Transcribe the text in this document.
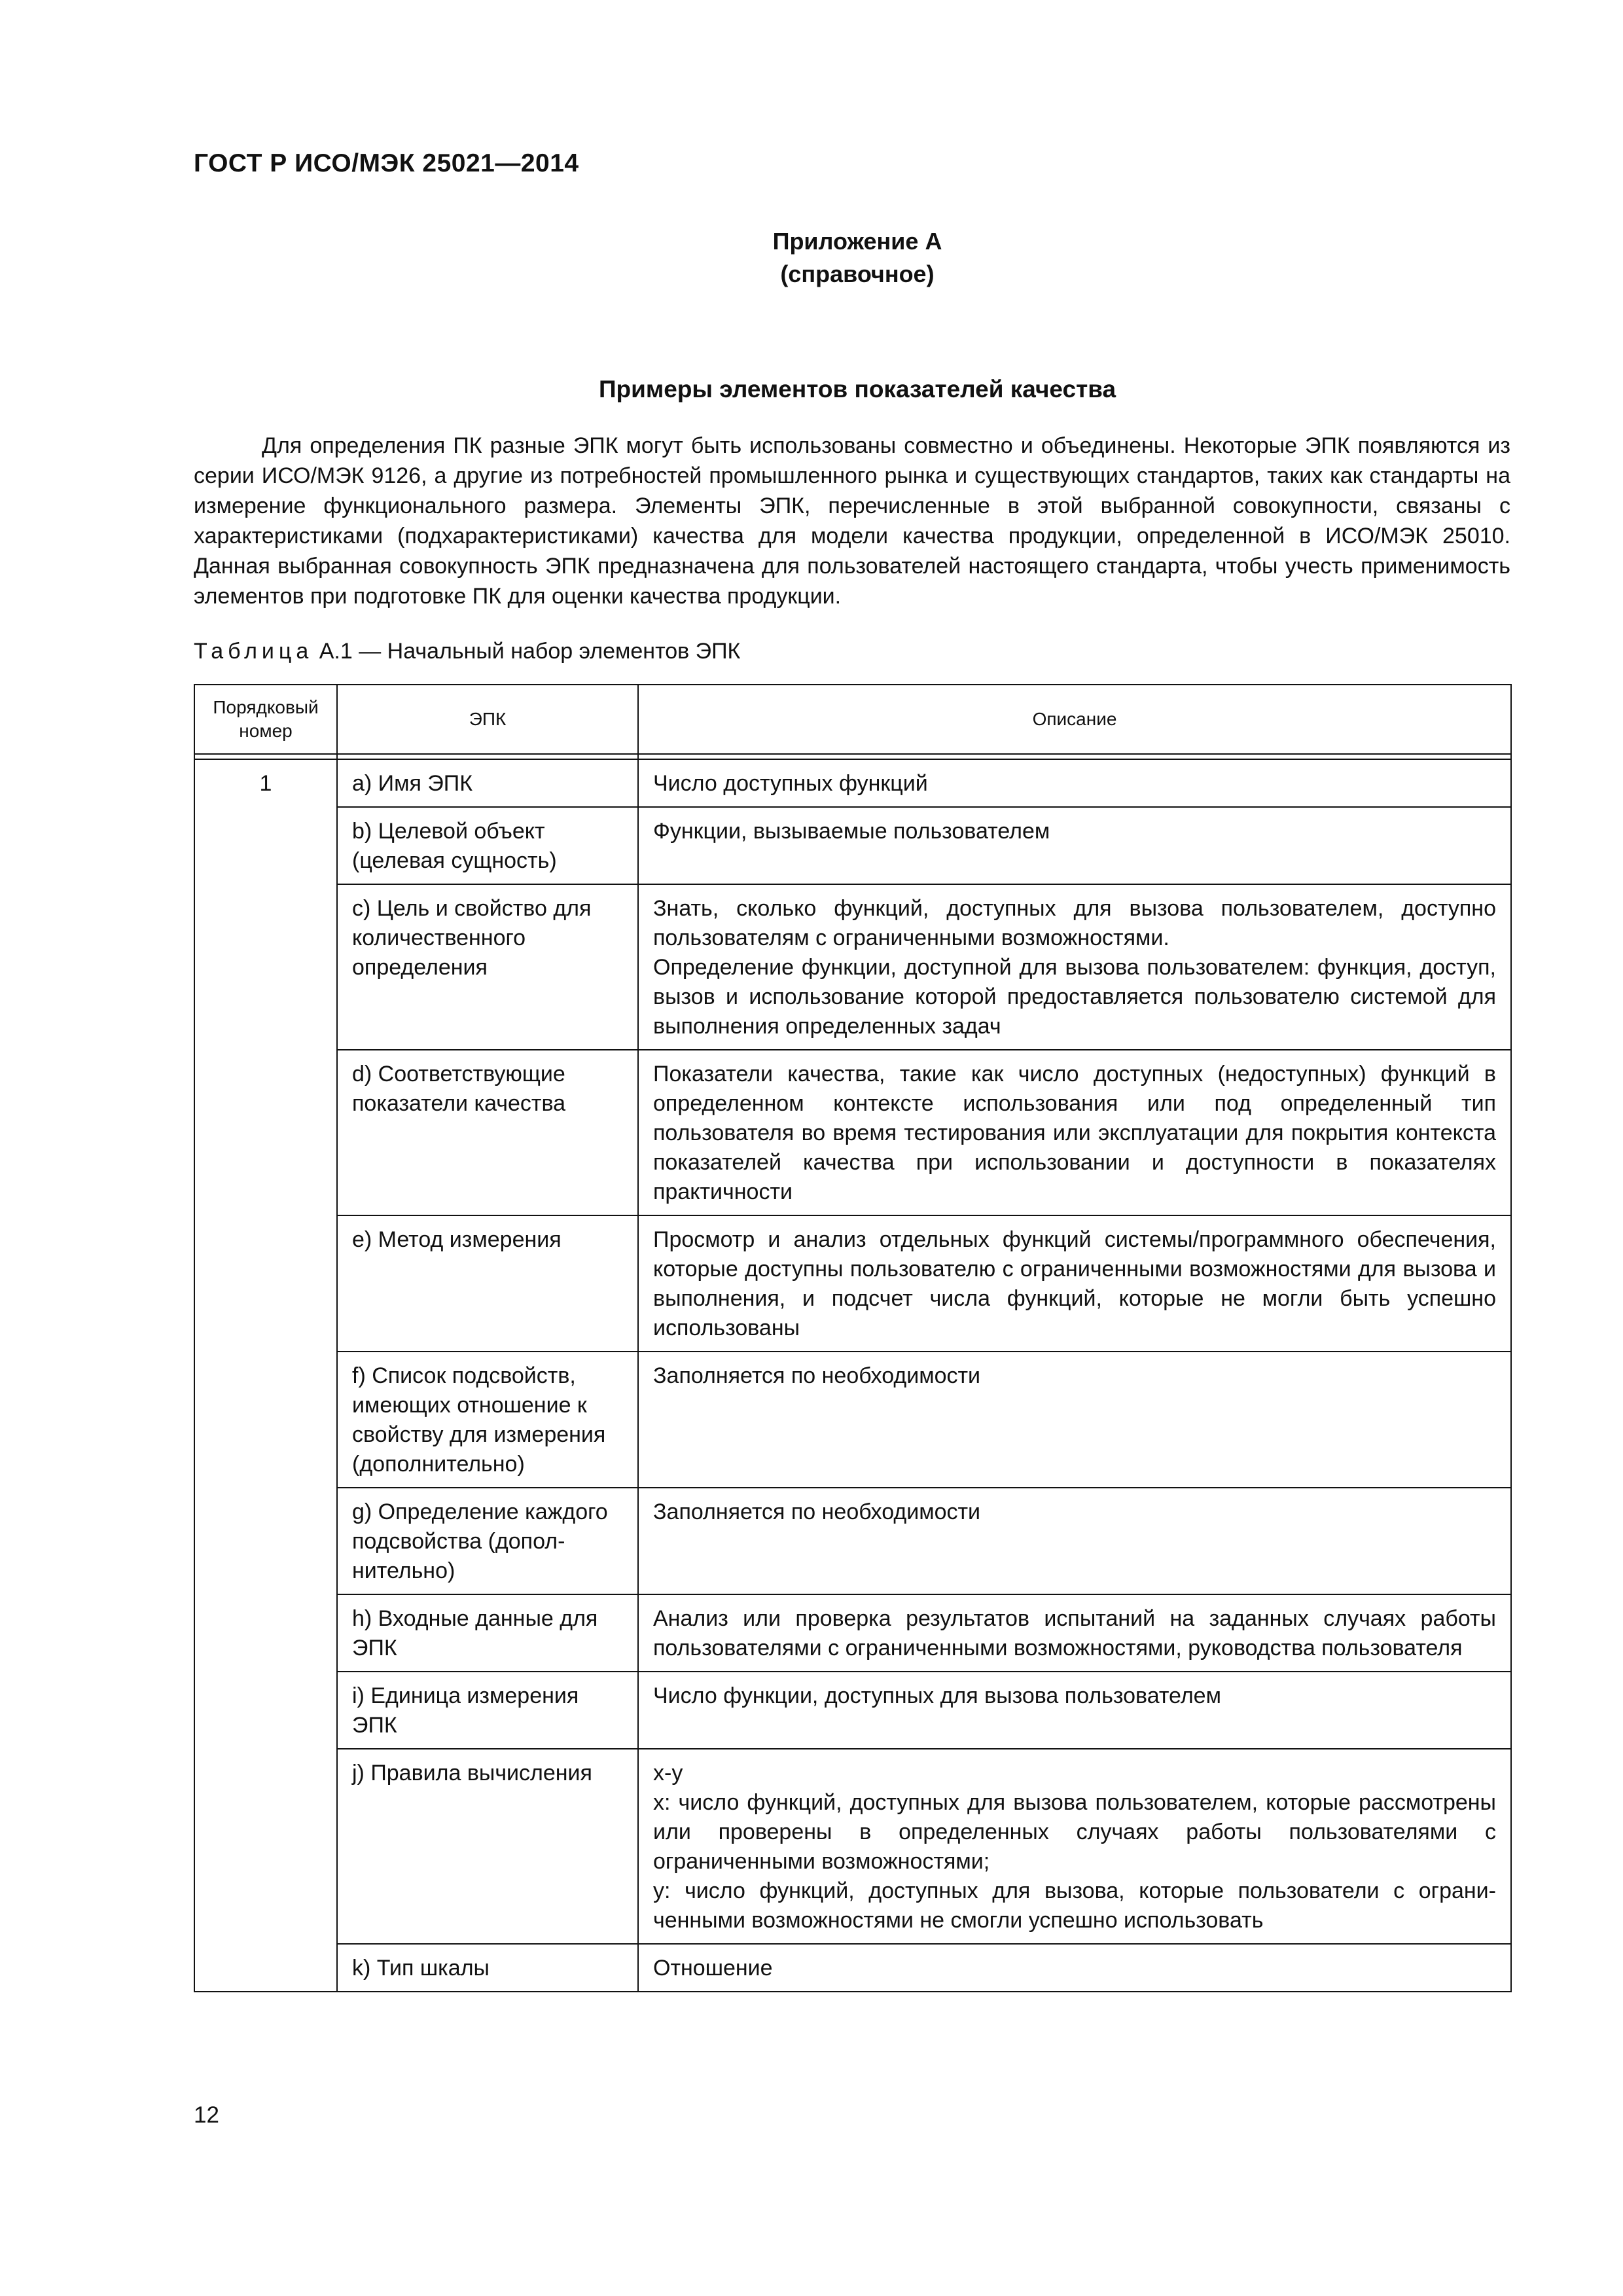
ГОСТ Р ИСО/МЭК 25021—2014
Приложение А
(справочное)
Примеры элементов показателей качества

Для определения ПК разные ЭПК могут быть использованы совместно и объединены. Некоторые ЭПК появляются из серии ИСО/МЭК 9126, а другие из потребностей промышленного рынка и существующих стандартов, таких как стандарты на измерение функционального размера. Элементы ЭПК, перечисленные в этой выбранной совокупности, связаны с характеристиками (подхарактеристиками) качества для модели качества продукции, определенной в ИСО/МЭК 25010. Данная выбранная совокупность ЭПК предназначена для пользователей настоящего стандарта, чтобы учесть применимость элементов при подготовке ПК для оценки качества продукции.

Таблица А.1 — Начальный набор элементов ЭПК
Порядковый номер	ЭПК	Описание

1	a) Имя ЭПК	Число доступных функций
	b) Целевой объект (целевая сущность)	Функции, вызываемые пользователем
	c) Цель и свойство для количественного определения	Знать, сколько функций, доступных для вызова пользователем, доступно пользователям с ограниченными возможностями.
Определение функции, доступной для вызова пользователем: функция, доступ, вызов и использование которой предоставляется пользователю системой для выполнения определенных задач
	d) Соответствующие показатели качества	Показатели качества, такие как число доступных (недоступных) функций в определенном контексте использования или под определенный тип пользователя во время тестирования или эксплуатации для покрытия контекста показателей качества при использовании и доступности в показателях практичности
	e) Метод измерения	Просмотр и анализ отдельных функций системы/программного обеспечения, которые доступны пользователю с ограниченными возможностями для вызова и выполнения, и подсчет числа функций, которые не могли быть успешно использованы
	f) Список подсвойств, имеющих отношение к свойству для измерения (дополнительно)	Заполняется по необходимости
	g) Определение каждого подсвойства (дополнительно)	Заполняется по необходимости
	h) Входные данные для ЭПК	Анализ или проверка результатов испытаний на заданных случаях работы пользователями с ограниченными возможностями, руководства пользователя
	i) Единица измерения ЭПК	Число функции, доступных для вызова пользователем
	j) Правила вычисления	x-y
x: число функций, доступных для вызова пользователем, которые рассмотрены или проверены в определенных случаях работы пользователями с ограниченными возможностями;
y: число функций, доступных для вызова, которые пользователи с ограниченными возможностями не смогли успешно использовать
	k) Тип шкалы	Отношение
12
